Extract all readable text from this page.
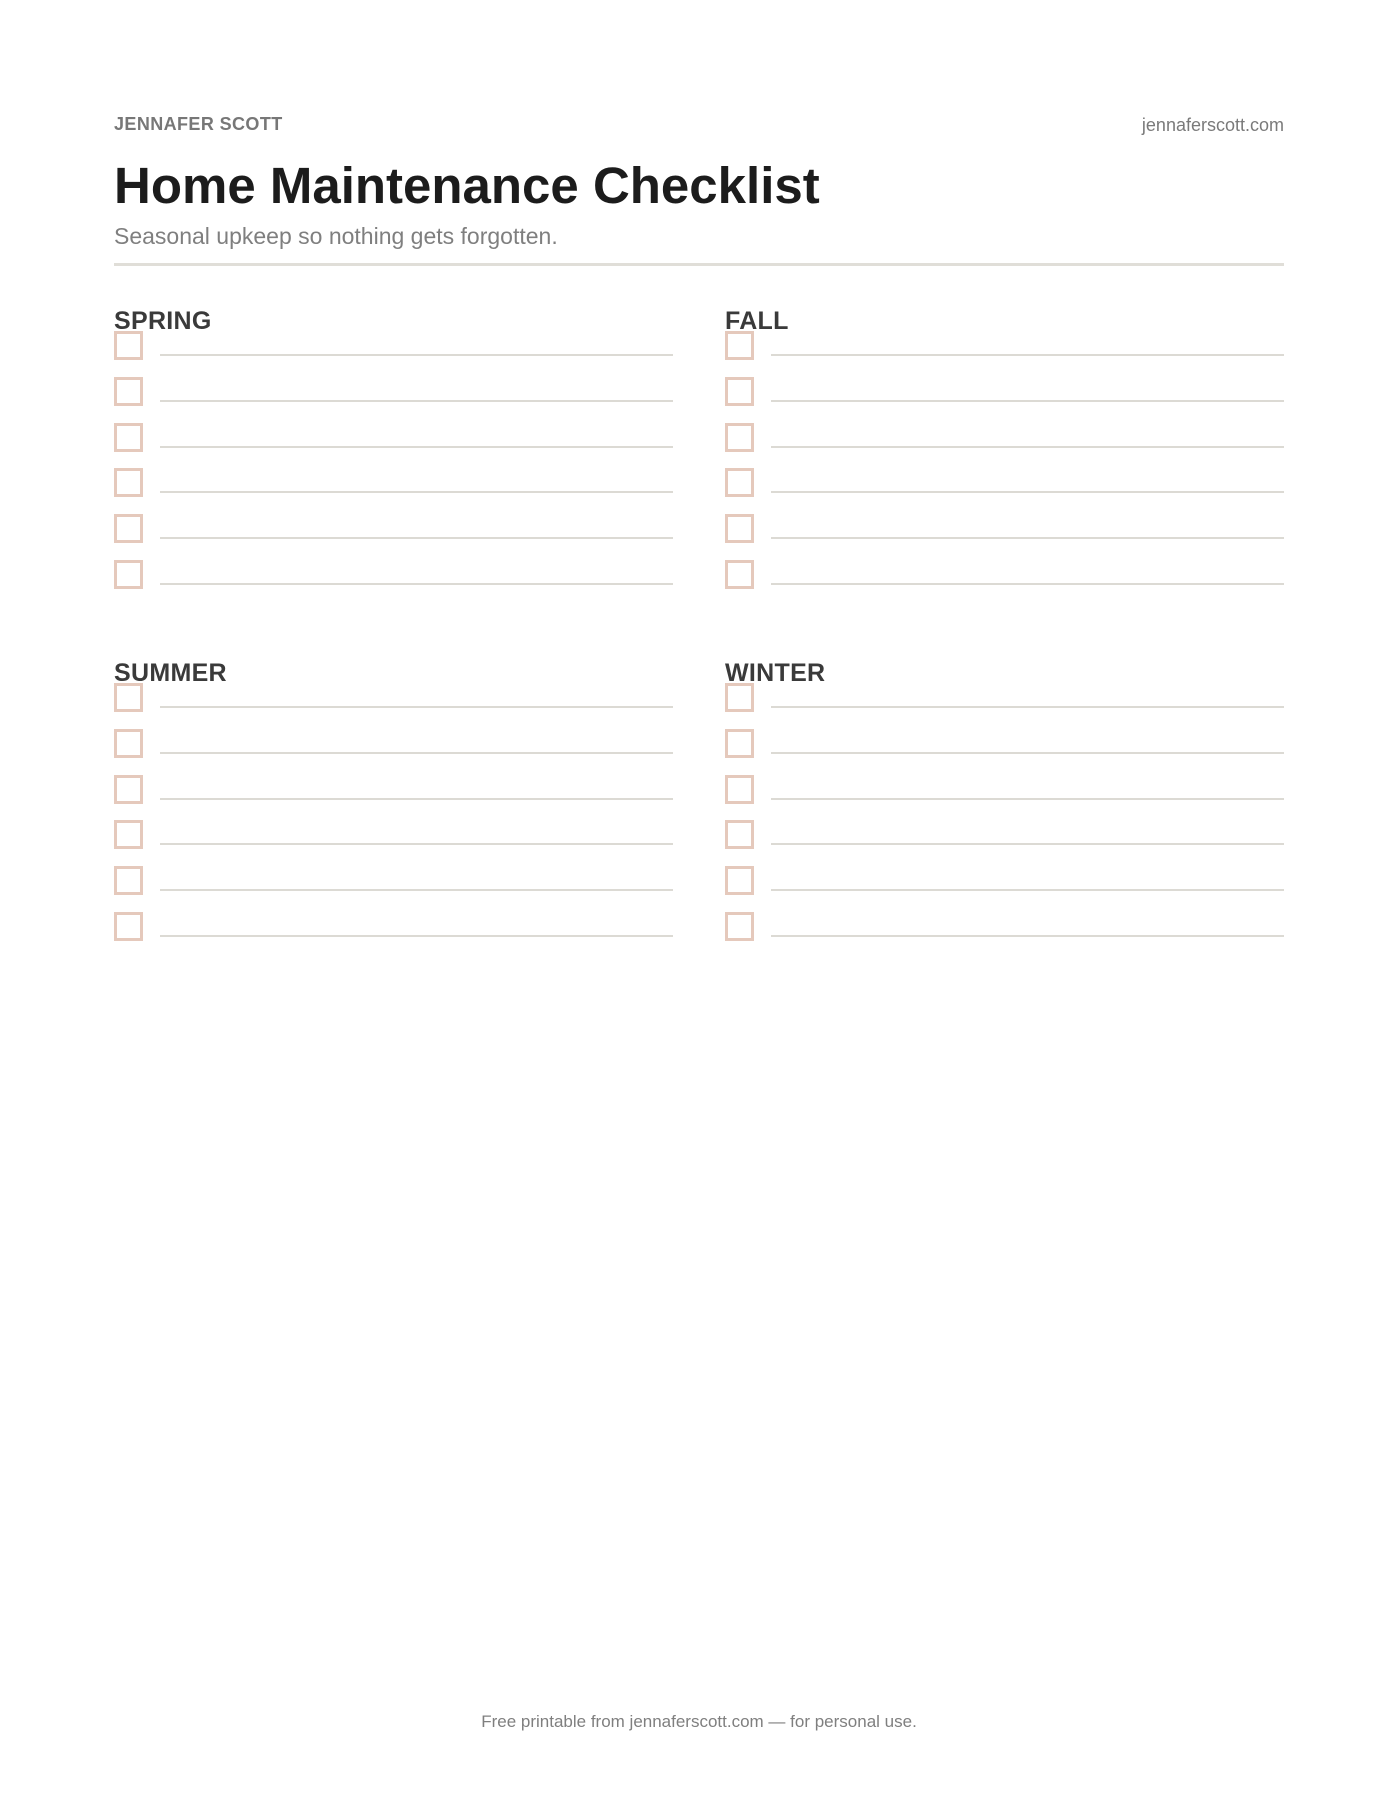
JENNAFER SCOTT	jennaferscott.com
Home Maintenance Checklist
Seasonal upkeep so nothing gets forgotten.
SPRING	FALL
SUMMER	WINTER
Free printable from jennaferscott.com — for personal use.
